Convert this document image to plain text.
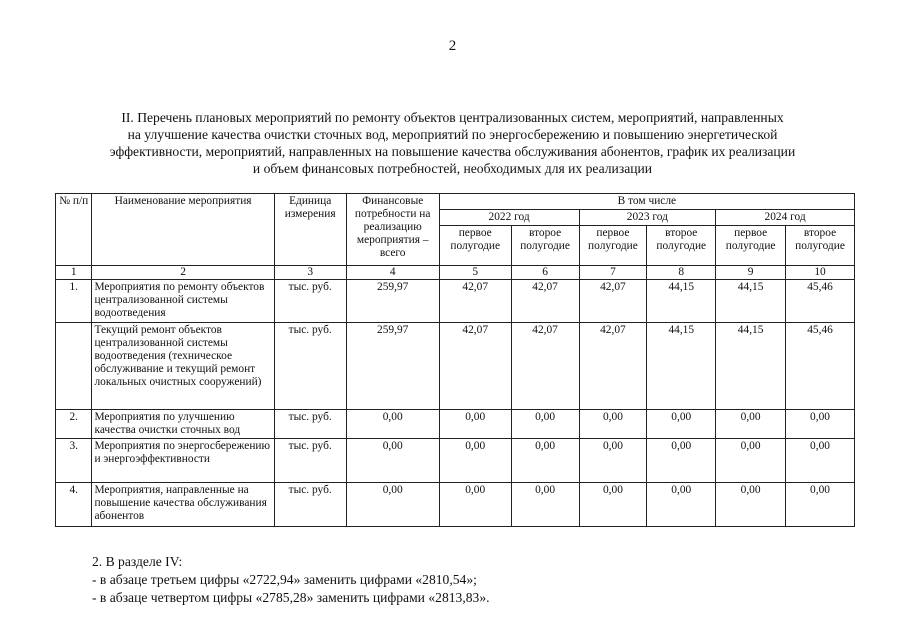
2
II. Перечень плановых мероприятий по ремонту объектов централизованных систем, мероприятий, направленных
на улучшение качества очистки сточных вод, мероприятий по энергосбережению и повышению энергетической
эффективности, мероприятий, направленных на повышение качества обслуживания абонентов, график их реализации
и объем финансовых потребностей, необходимых для их реализации
№ п/п	Наименование мероприятия	Единица измерения	Финансовые потребности на реализацию мероприятия – всего	В том числе					
				2022 год		2023 год		2024 год	
				первое полугодие	второе полугодие	первое полугодие	второе полугодие	первое полугодие	второе полугодие
1	2	3	4	5	6	7	8	9	10
1.	Мероприятия по ремонту объектов централизованной системы водоотведения	тыс. руб.	259,97	42,07	42,07	42,07	44,15	44,15	45,46
	Текущий ремонт объектов централизованной системы водоотведения (техническое обслуживание и текущий ремонт локальных очистных сооружений)	тыс. руб.	259,97	42,07	42,07	42,07	44,15	44,15	45,46
2.	Мероприятия по улучшению качества очистки сточных вод	тыс. руб.	0,00	0,00	0,00	0,00	0,00	0,00	0,00
3.	Мероприятия по энергосбережению и энергоэффективности	тыс. руб.	0,00	0,00	0,00	0,00	0,00	0,00	0,00
4.	Мероприятия, направленные на повышение качества обслуживания абонентов	тыс. руб.	0,00	0,00	0,00	0,00	0,00	0,00	0,00
2. В разделе IV:
- в абзаце третьем цифры «2722,94» заменить цифрами «2810,54»;
- в абзаце четвертом цифры «2785,28» заменить цифрами «2813,83».
